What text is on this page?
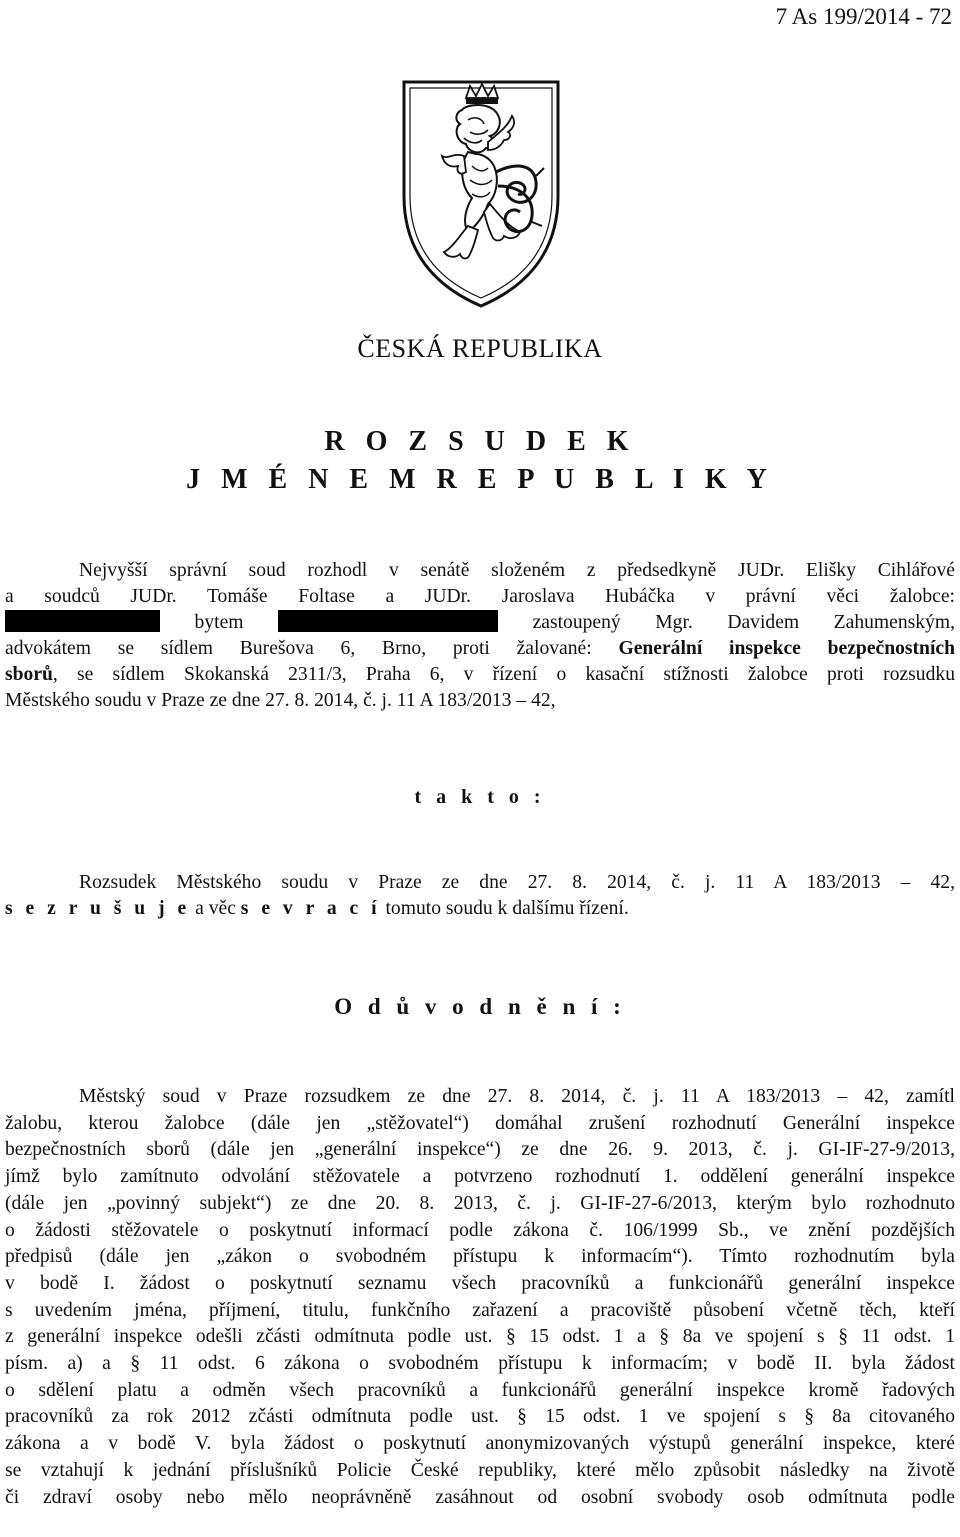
7 As 199/2014 - 72
ČESKÁ REPUBLIKA
R O Z S U D E K
J M É N E M R E P U B L I K Y
Nejvyšší správní soud rozhodl v senátě složeném z předsedkyně JUDr. Elišky Cihlářové
a soudců JUDr. Tomáše Foltase a JUDr. Jaroslava Hubáčka v právní věci žalobce:
bytem	zastoupený Mgr. Davidem Zahumenským,
advokátem se sídlem Burešova 6, Brno, proti žalované: Generální inspekce bezpečnostních
sborů, se sídlem Skokanská 2311/3, Praha 6, v řízení o kasační stížnosti žalobce proti rozsudku
Městského soudu v Praze ze dne 27. 8. 2014, č. j. 11 A 183/2013 – 42,
t a k t o :
Rozsudek Městského soudu v Praze ze dne 27. 8. 2014, č. j. 11 A 183/2013 – 42,
s e z r u š u j e a věc s e v r a c í tomuto soudu k dalšímu řízení.
O d ů v o d n ě n í :
Městský soud v Praze rozsudkem ze dne 27. 8. 2014, č. j. 11 A 183/2013 – 42, zamítl
žalobu, kterou žalobce (dále jen „stěžovatel“) domáhal zrušení rozhodnutí Generální inspekce
bezpečnostních sborů (dále jen „generální inspekce“) ze dne 26. 9. 2013, č. j. GI-IF-27-9/2013,
jímž bylo zamítnuto odvolání stěžovatele a potvrzeno rozhodnutí 1. oddělení generální inspekce
(dále jen „povinný subjekt“) ze dne 20. 8. 2013, č. j. GI-IF-27-6/2013, kterým bylo rozhodnuto
o žádosti stěžovatele o poskytnutí informací podle zákona č. 106/1999 Sb., ve znění pozdějších
předpisů (dále jen „zákon o svobodném přístupu k informacím“). Tímto rozhodnutím byla
v bodě I. žádost o poskytnutí seznamu všech pracovníků a funkcionářů generální inspekce
s uvedením jména, příjmení, titulu, funkčního zařazení a pracoviště působení včetně těch, kteří
z generální inspekce odešli zčásti odmítnuta podle ust. § 15 odst. 1 a § 8a ve spojení s § 11 odst. 1
písm. a) a § 11 odst. 6 zákona o svobodném přístupu k informacím; v bodě II. byla žádost
o sdělení platu a odměn všech pracovníků a funkcionářů generální inspekce kromě řadových
pracovníků za rok 2012 zčásti odmítnuta podle ust. § 15 odst. 1 ve spojení s § 8a citovaného
zákona a v bodě V. byla žádost o poskytnutí anonymizovaných výstupů generální inspekce, které
se vztahují k jednání příslušníků Policie České republiky, které mělo způsobit následky na životě
či zdraví osoby nebo mělo neoprávněně zasáhnout od osobní svobody osob odmítnuta podle
